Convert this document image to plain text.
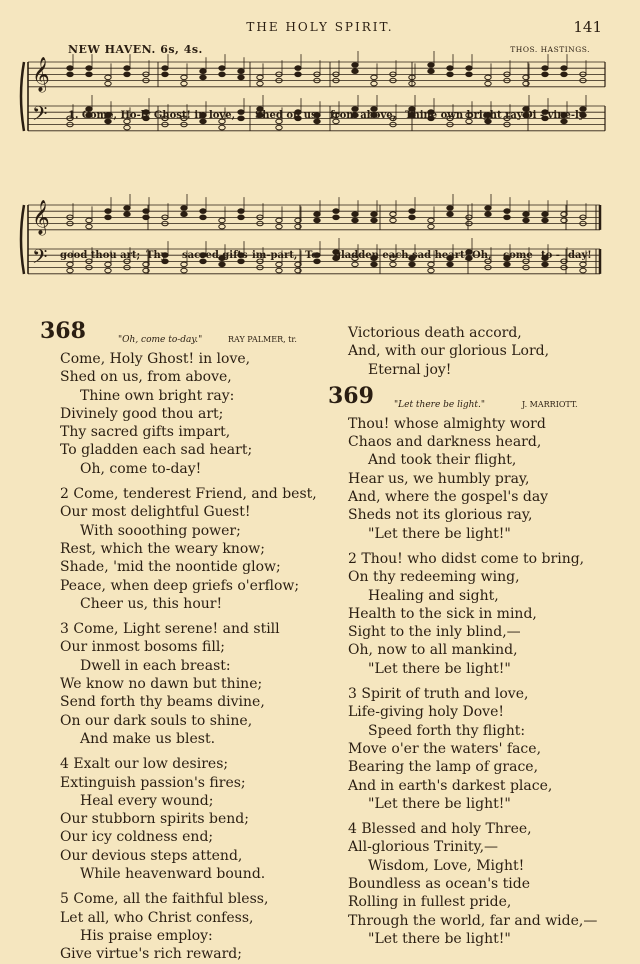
THE HOLY SPIRIT.	141
NEW HAVEN. 6s, 4s.	THOS. HASTINGS.
𝄞
𝄢
𝄞
𝄢
1. Come, Ho-ly Ghost! in love, Shed on us, from above, Thine own bright ray:
Di - vine-ly
good thou art; Thy sacred gifts im-part, To gladden each sad heart; Oh, come to - day!
368	"Oh, come to-day."	RAY PALMER, tr.
Come, Holy Ghost! in love,
Shed on us, from above,
Thine own bright ray:
Divinely good thou art;
Thy sacred gifts impart,
To gladden each sad heart;
Oh, come to-day!
2 Come, tenderest Friend, and best,
Our most delightful Guest!
With sooothing power;
Rest, which the weary know;
Shade, 'mid the noontide glow;
Peace, when deep griefs o'erflow;
Cheer us, this hour!
3 Come, Light serene! and still
Our inmost bosoms fill;
Dwell in each breast:
We know no dawn but thine;
Send forth thy beams divine,
On our dark souls to shine,
And make us blest.
4 Exalt our low desires;
Extinguish passion's fires;
Heal every wound;
Our stubborn spirits bend;
Our icy coldness end;
Our devious steps attend,
While heavenward bound.
5 Come, all the faithful bless,
Let all, who Christ confess,
His praise employ:
Give virtue's rich reward;
Victorious death accord,
And, with our glorious Lord,
Eternal joy!
369 "Let there be light."	J. MARRIOTT.
Thou! whose almighty word
Chaos and darkness heard,
And took their flight,
Hear us, we humbly pray,
And, where the gospel's day
Sheds not its glorious ray,
"Let there be light!"
2 Thou! who didst come to bring,
On thy redeeming wing,
Healing and sight,
Health to the sick in mind,
Sight to the inly blind,—
Oh, now to all mankind,
"Let there be light!"
3 Spirit of truth and love,
Life-giving holy Dove!
Speed forth thy flight:
Move o'er the waters' face,
Bearing the lamp of grace,
And in earth's darkest place,
"Let there be light!"
4 Blessed and holy Three,
All-glorious Trinity,—
Wisdom, Love, Might!
Boundless as ocean's tide
Rolling in fullest pride,
Through the world, far and wide,—
"Let there be light!"
